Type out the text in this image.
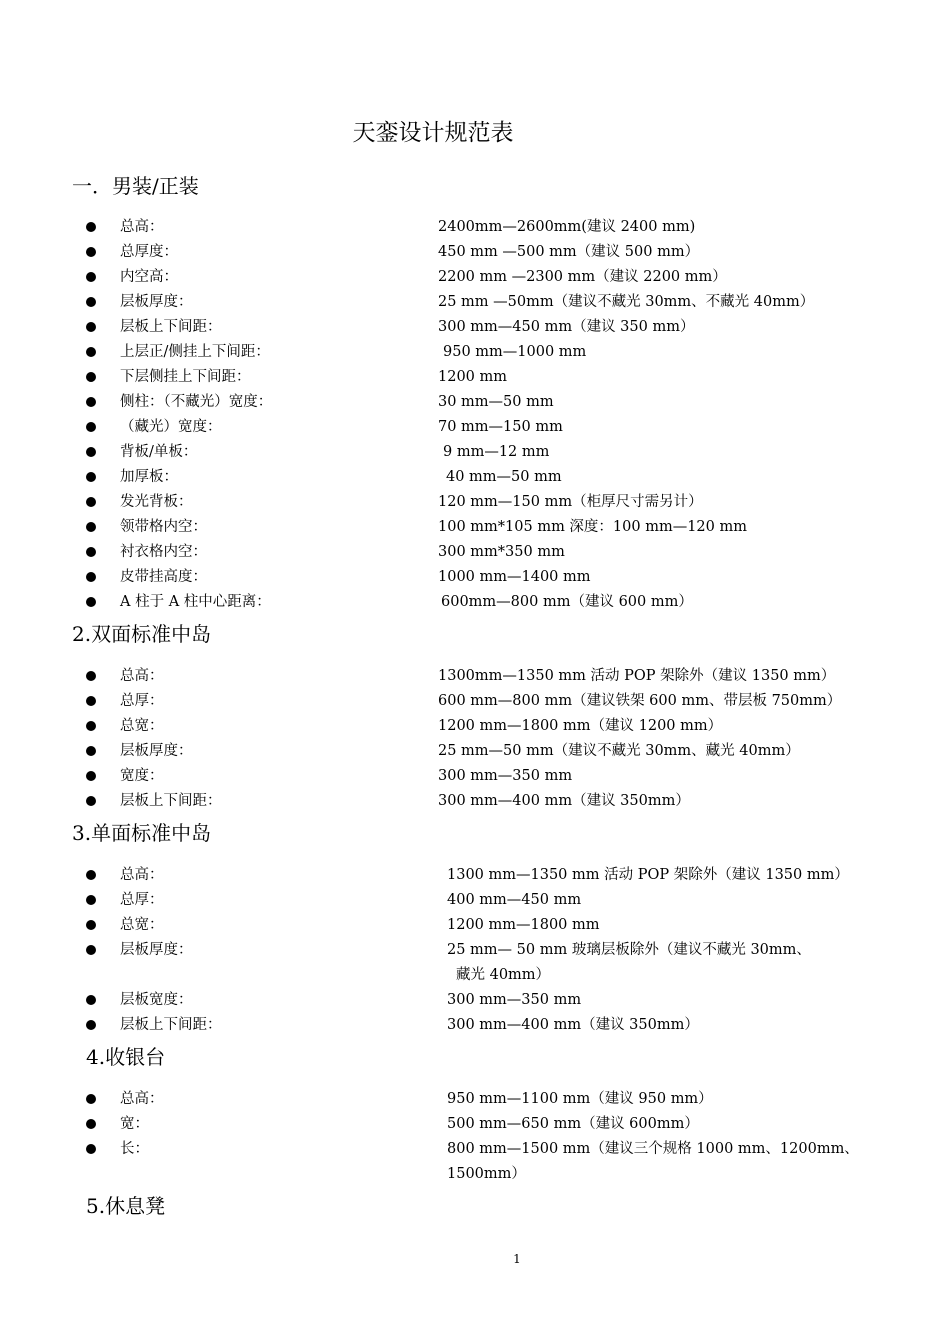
天銮设计规范表
一．男装/正装
总高：	2400mm—2600mm(建议 2400 mm)
总厚度：	450 mm —500 mm（建议 500 mm）
内空高：	2200 mm —2300 mm（建议 2200 mm）
层板厚度：	25 mm —50mm（建议不藏光 30mm、不藏光 40mm）
层板上下间距：	300 mm—450 mm（建议 350 mm）
上层正/侧挂上下间距：	950 mm—1000 mm
下层侧挂上下间距：	1200 mm
侧柱：（不藏光）宽度：	30 mm—50 mm
（藏光）宽度：	70 mm—150 mm
背板/单板：	9 mm—12 mm
加厚板：	40 mm—50 mm
发光背板：	120 mm—150 mm（柜厚尺寸需另计）
领带格内空：	100 mm*105 mm 深度：100 mm—120 mm
衬衣格内空：	300 mm*350 mm
皮带挂高度：	1000 mm—1400 mm
A 柱于 A 柱中心距离：	600mm—800 mm（建议 600 mm）
2.双面标准中岛
总高：	1300mm—1350 mm 活动 POP 架除外（建议 1350 mm）
总厚：	600 mm—800 mm（建议铁架 600 mm、带层板 750mm）
总宽：	1200 mm—1800 mm（建议 1200 mm）
层板厚度：	25 mm—50 mm（建议不藏光 30mm、藏光 40mm）
宽度：	300 mm—350 mm
层板上下间距：	300 mm—400 mm（建议 350mm）
3.单面标准中岛
总高：	1300 mm—1350 mm 活动 POP 架除外（建议 1350 mm）
总厚：	400 mm—450 mm
总宽：	1200 mm—1800 mm
层板厚度：	25 mm— 50 mm 玻璃层板除外（建议不藏光 30mm、
藏光 40mm）
层板宽度：	300 mm—350 mm
层板上下间距：	300 mm—400 mm（建议 350mm）
4.收银台
总高：	950 mm—1100 mm（建议 950 mm）
宽：	500 mm—650 mm（建议 600mm）
长：	800 mm—1500 mm（建议三个规格 1000 mm、1200mm、
1500mm）
5.休息凳
1
